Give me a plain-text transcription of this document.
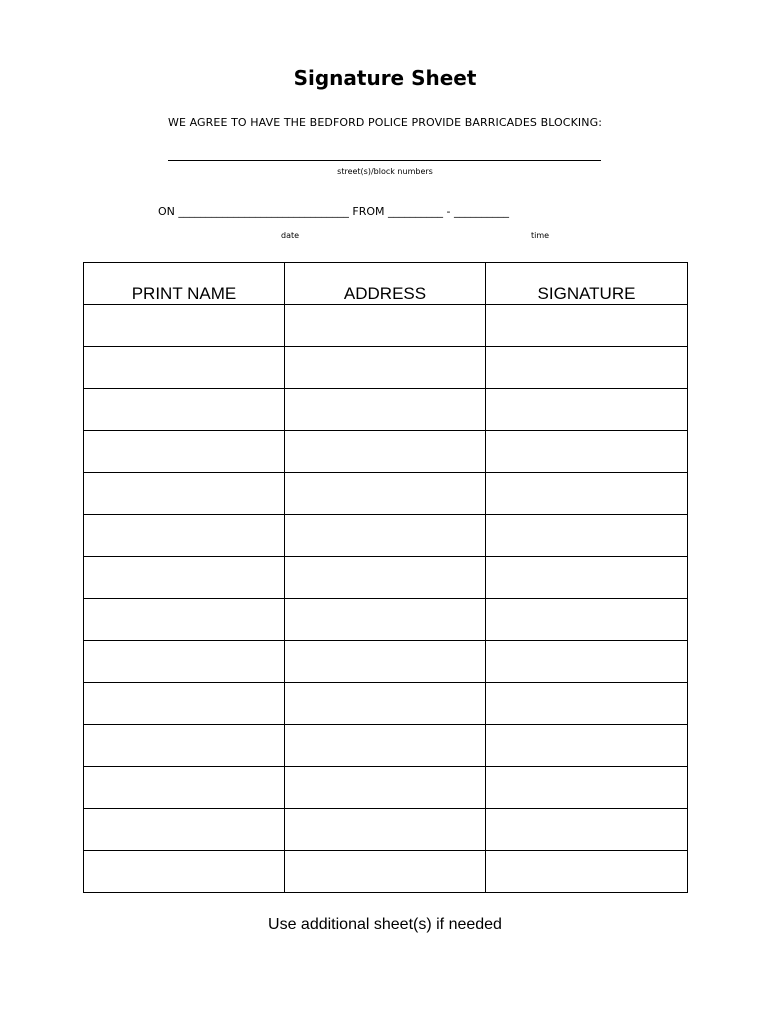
Signature Sheet
WE AGREE TO HAVE THE BEDFORD POLICE PROVIDE BARRICADES BLOCKING:
street(s)/block numbers
ON _______________________________ FROM __________ - __________
date	time
PRINT NAME	ADDRESS	SIGNATURE

Use additional sheet(s) if needed
